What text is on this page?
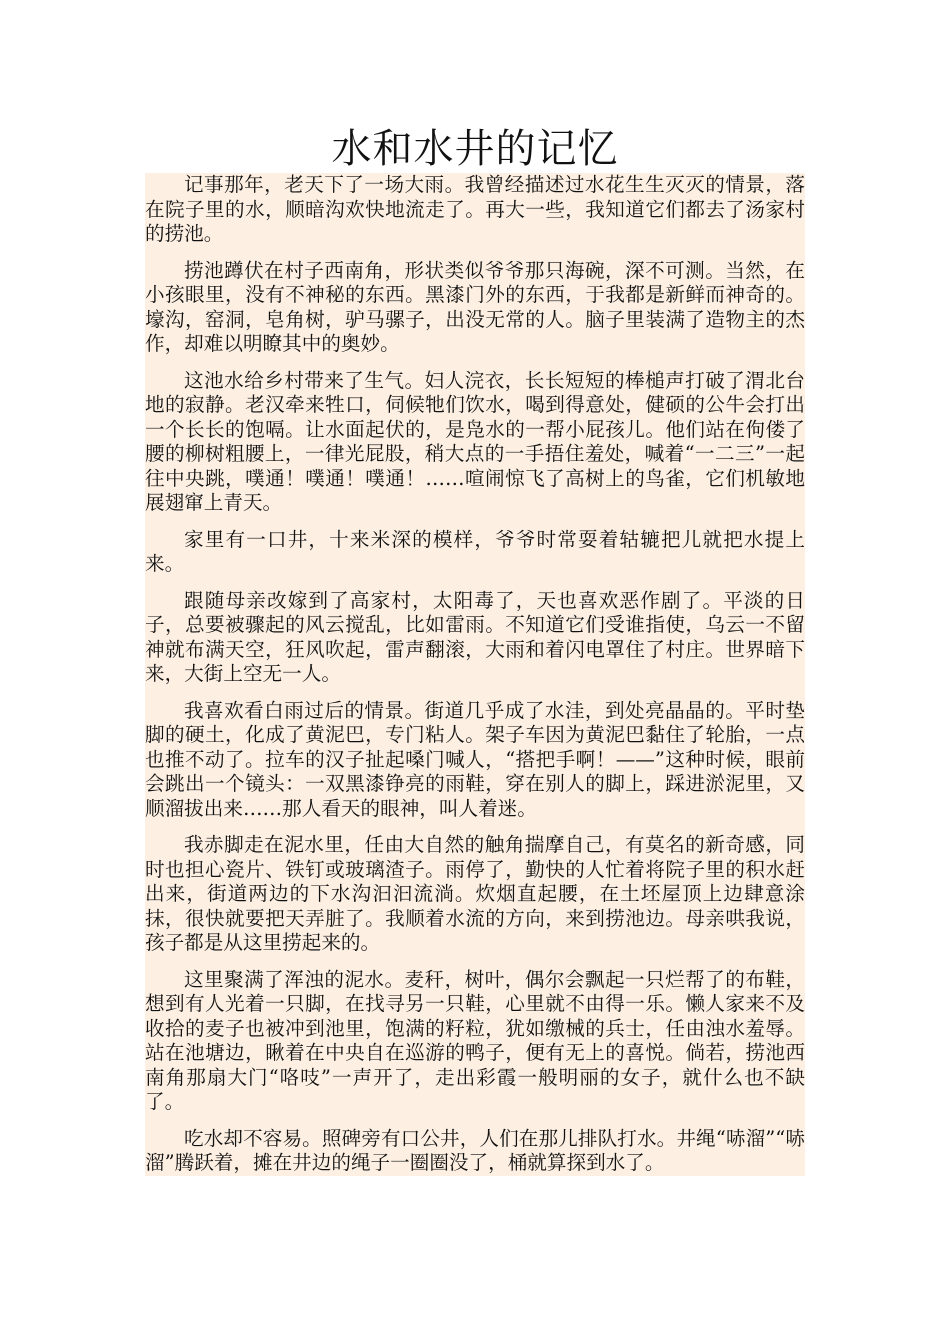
水和水井的记忆

记事那年，老天下了一场大雨。我曾经描述过水花生生灭灭的情景，落在院子里的水，顺暗沟欢快地流走了。再大一些，我知道它们都去了汤家村的捞池。

捞池蹲伏在村子西南角，形状类似爷爷那只海碗，深不可测。当然，在小孩眼里，没有不神秘的东西。黑漆门外的东西，于我都是新鲜而神奇的。壕沟，窑洞，皂角树，驴马骡子，出没无常的人。脑子里装满了造物主的杰作，却难以明瞭其中的奥妙。

这池水给乡村带来了生气。妇人浣衣，长长短短的棒槌声打破了渭北台地的寂静。老汉牵来牲口，伺候牠们饮水，喝到得意处，健硕的公牛会打出一个长长的饱嗝。让水面起伏的，是凫水的一帮小屁孩儿。他们站在佝偻了腰的柳树粗腰上，一律光屁股，稍大点的一手捂住羞处，喊着“一二三”一起往中央跳，噗通！噗通！噗通！……喧闹惊飞了高树上的鸟雀，它们机敏地展翅窜上青天。

家里有一口井，十来米深的模样，爷爷时常耍着轱辘把儿就把水提上来。

跟随母亲改嫁到了高家村，太阳毒了，天也喜欢恶作剧了。平淡的日子，总要被骤起的风云搅乱，比如雷雨。不知道它们受谁指使，乌云一不留神就布满天空，狂风吹起，雷声翻滚，大雨和着闪电罩住了村庄。世界暗下来，大街上空无一人。

我喜欢看白雨过后的情景。街道几乎成了水洼，到处亮晶晶的。平时垫脚的硬土，化成了黄泥巴，专门粘人。架子车因为黄泥巴黏住了轮胎，一点也推不动了。拉车的汉子扯起嗓门喊人，“搭把手啊！——”这种时候，眼前会跳出一个镜头：一双黑漆铮亮的雨鞋，穿在别人的脚上，踩进淤泥里，又顺溜拔出来……那人看天的眼神，叫人着迷。

我赤脚走在泥水里，任由大自然的触角揣摩自己，有莫名的新奇感，同时也担心瓷片、铁钉或玻璃渣子。雨停了，勤快的人忙着将院子里的积水赶出来，街道两边的下水沟汩汩流淌。炊烟直起腰，在土坯屋顶上边肆意涂抹，很快就要把天弄脏了。我顺着水流的方向，来到捞池边。母亲哄我说，孩子都是从这里捞起来的。

这里聚满了浑浊的泥水。麦秆，树叶，偶尔会飘起一只烂帮了的布鞋，想到有人光着一只脚，在找寻另一只鞋，心里就不由得一乐。懒人家来不及收拾的麦子也被冲到池里，饱满的籽粒，犹如缴械的兵士，任由浊水羞辱。站在池塘边，瞅着在中央自在巡游的鸭子，便有无上的喜悦。倘若，捞池西南角那扇大门“咯吱”一声开了，走出彩霞一般明丽的女子，就什么也不缺了。

吃水却不容易。照碑旁有口公井，人们在那儿排队打水。井绳“哧溜”“哧溜”腾跃着，摊在井边的绳子一圈圈没了，桶就算探到水了。
